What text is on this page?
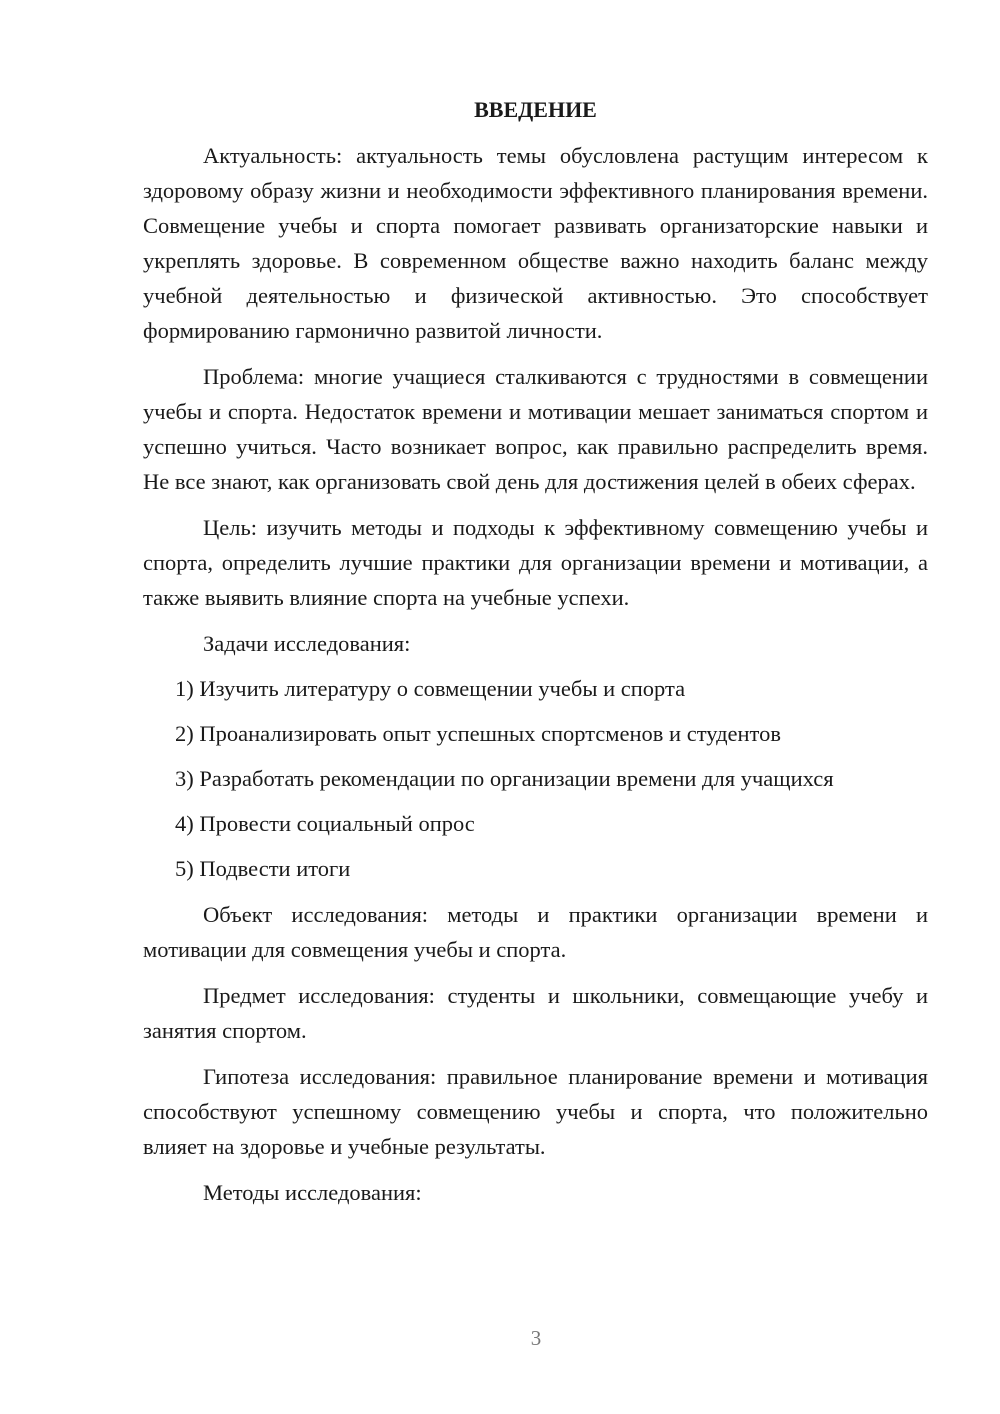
ВВЕДЕНИЕ

Актуальность: актуальность темы обусловлена растущим интересом к здоровому образу жизни и необходимости эффективного планирования времени. Совмещение учебы и спорта помогает развивать организаторские навыки и укреплять здоровье. В современном обществе важно находить баланс между учебной деятельностью и физической активностью. Это способствует формированию гармонично развитой личности.

Проблема: многие учащиеся сталкиваются с трудностями в совмещении учебы и спорта. Недостаток времени и мотивации мешает заниматься спортом и успешно учиться. Часто возникает вопрос, как правильно распределить время. Не все знают, как организовать свой день для достижения целей в обеих сферах.

Цель: изучить методы и подходы к эффективному совмещению учебы и спорта, определить лучшие практики для организации времени и мотивации, а также выявить влияние спорта на учебные успехи.

Задачи исследования:

1) Изучить литературу о совмещении учебы и спорта
2) Проанализировать опыт успешных спортсменов и студентов
3) Разработать рекомендации по организации времени для учащихся
4) Провести социальный опрос
5) Подвести итоги

Объект исследования: методы и практики организации времени и мотивации для совмещения учебы и спорта.

Предмет исследования: студенты и школьники, совмещающие учебу и занятия спортом.

Гипотеза исследования: правильное планирование времени и мотивация способствуют успешному совмещению учебы и спорта, что положительно влияет на здоровье и учебные результаты.

Методы исследования:

3
